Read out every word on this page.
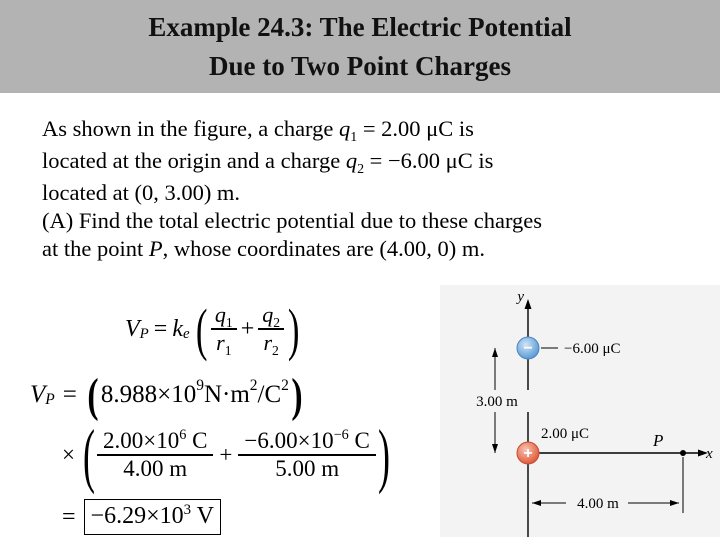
Example 24.3: The Electric Potential
Due to Two Point Charges
As shown in the figure, a charge $q_1 = 2.00$ μC is
located at the origin and a charge $q_2 = -6.00$ μC is
located at (0, 3.00) m.
(A) Find the total electric potential due to these charges
at the point P, whose coordinates are (4.00, 0) m.
V P = k e ( $\frac{q_1}{r_1} + \frac{q_2}{r_2}$ )
V P = ( 8.988×10 9 N·m 2 /C 2 )
× ( $\frac{2.00\times 10^6 C}{4.00 m} + \frac{-6.00\times 10^{-6} C}{5.00 m}$ )
= $-6.29\times 10^3$ V
y
x
3.00 m
4.00 m
− −6.00 μC
+
2.00 μC	P
